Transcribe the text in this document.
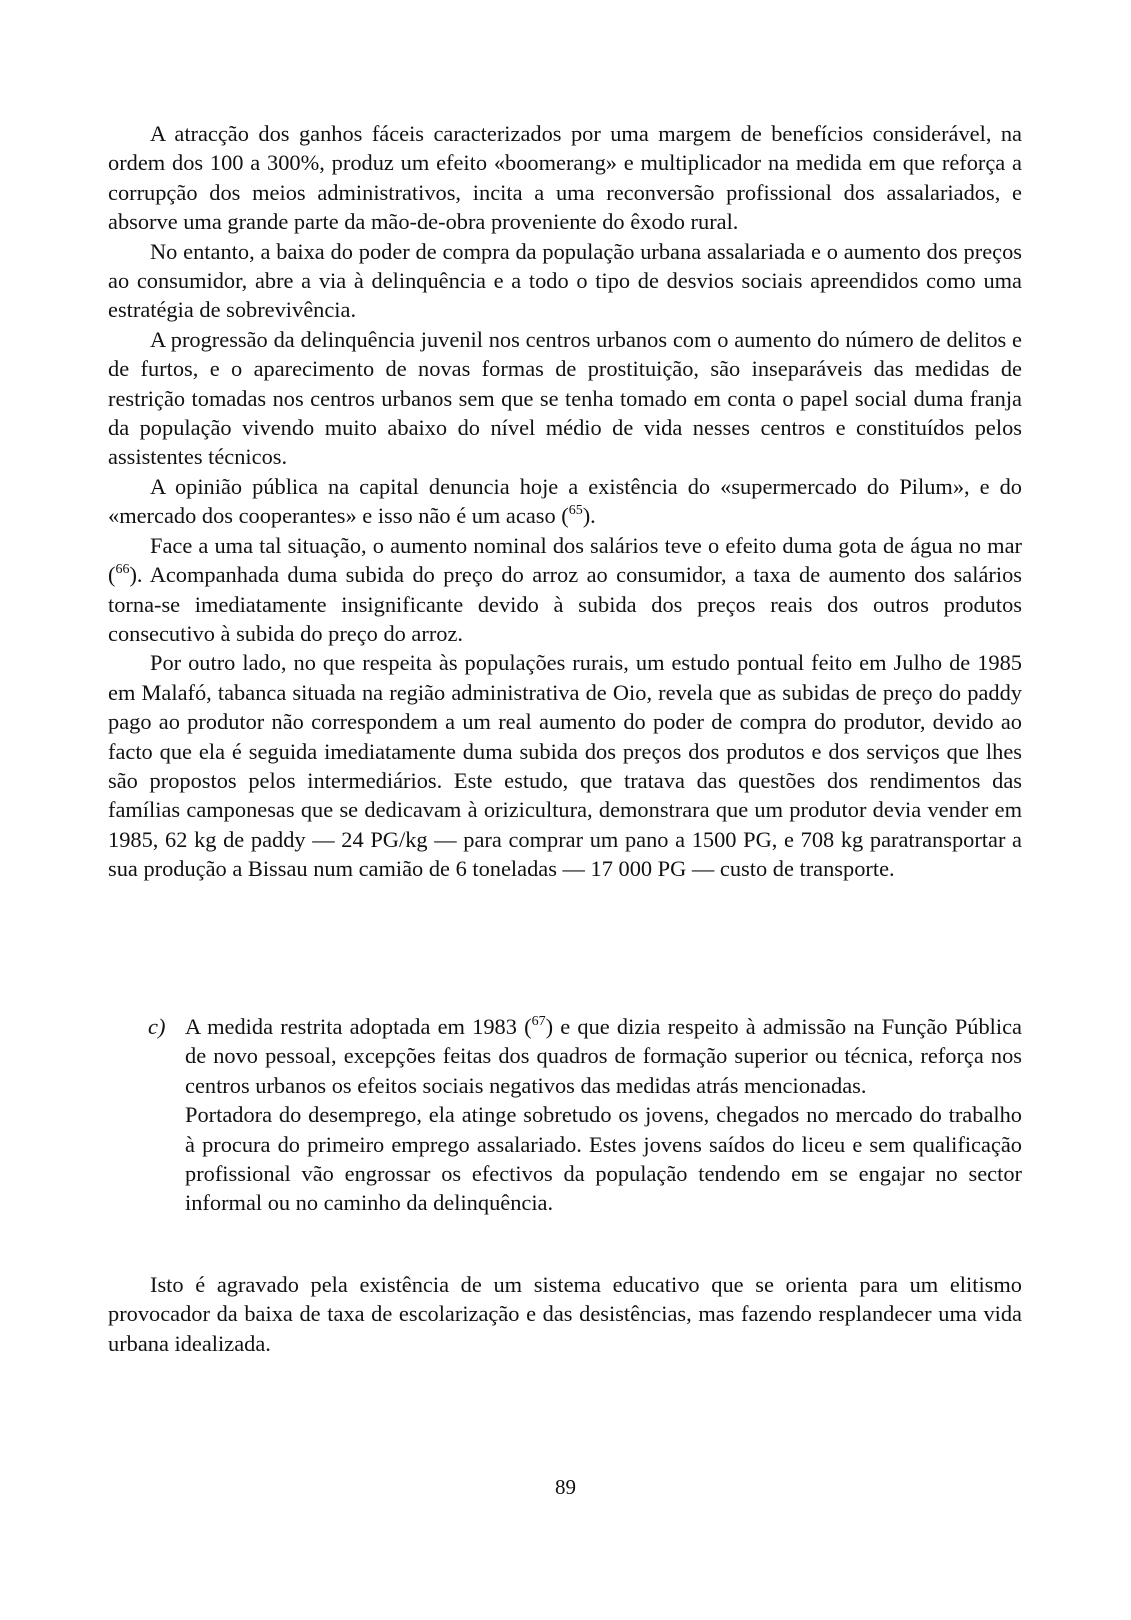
A atracção dos ganhos fáceis caracterizados por uma margem de benefícios considerável, na ordem dos 100 a 300%, produz um efeito «boomerang» e multiplicador na medida em que reforça a corrupção dos meios administrativos, incita a uma reconversão profissional dos assalariados, e absorve uma grande parte da mão-de-obra proveniente do êxodo rural.

No entanto, a baixa do poder de compra da população urbana assalariada e o aumento dos preços ao consumidor, abre a via à delinquência e a todo o tipo de desvios sociais apreendidos como uma estratégia de sobrevivência.

A progressão da delinquência juvenil nos centros urbanos com o aumento do número de delitos e de furtos, e o aparecimento de novas formas de prostituição, são inseparáveis das medidas de restrição tomadas nos centros urbanos sem que se tenha tomado em conta o papel social duma franja da população vivendo muito abaixo do nível médio de vida nesses centros e constituídos pelos assistentes técnicos.

A opinião pública na capital denuncia hoje a existência do «supermercado do Pilum», e do «mercado dos cooperantes» e isso não é um acaso ($^{65}$).

Face a uma tal situação, o aumento nominal dos salários teve o efeito duma gota de água no mar ($^{66}$). Acompanhada duma subida do preço do arroz ao consumidor, a taxa de aumento dos salários torna-se imediatamente insignificante devido à subida dos preços reais dos outros produtos consecutivo à subida do preço do arroz.

Por outro lado, no que respeita às populações rurais, um estudo pontual feito em Julho de 1985 em Malafó, tabanca situada na região administrativa de Oio, revela que as subidas de preço do paddy pago ao produtor não correspondem a um real aumento do poder de compra do produtor, devido ao facto que ela é seguida imediatamente duma subida dos preços dos produtos e dos serviços que lhes são propostos pelos intermediários. Este estudo, que tratava das questões dos rendimentos das famílias camponesas que se dedicavam à orizicultura, demonstrara que um produtor devia vender em 1985, 62 kg de paddy — 24 PG/kg — para comprar um pano a 1500 PG, e 708 kg paratransportar a sua produção a Bissau num camião de 6 toneladas — 17 000 PG — custo de transporte.

c) A medida restrita adoptada em 1983 ($^{67}$) e que dizia respeito à admissão na Função Pública de novo pessoal, excepções feitas dos quadros de formação superior ou técnica, reforça nos centros urbanos os efeitos sociais negativos das medidas atrás mencionadas.

Portadora do desemprego, ela atinge sobretudo os jovens, chegados no mercado do trabalho à procura do primeiro emprego assalariado. Estes jovens saídos do liceu e sem qualificação profissional vão engrossar os efectivos da população tendendo em se engajar no sector informal ou no caminho da delinquência.

Isto é agravado pela existência de um sistema educativo que se orienta para um elitismo provocador da baixa de taxa de escolarização e das desistências, mas fazendo resplandecer uma vida urbana idealizada.

89
